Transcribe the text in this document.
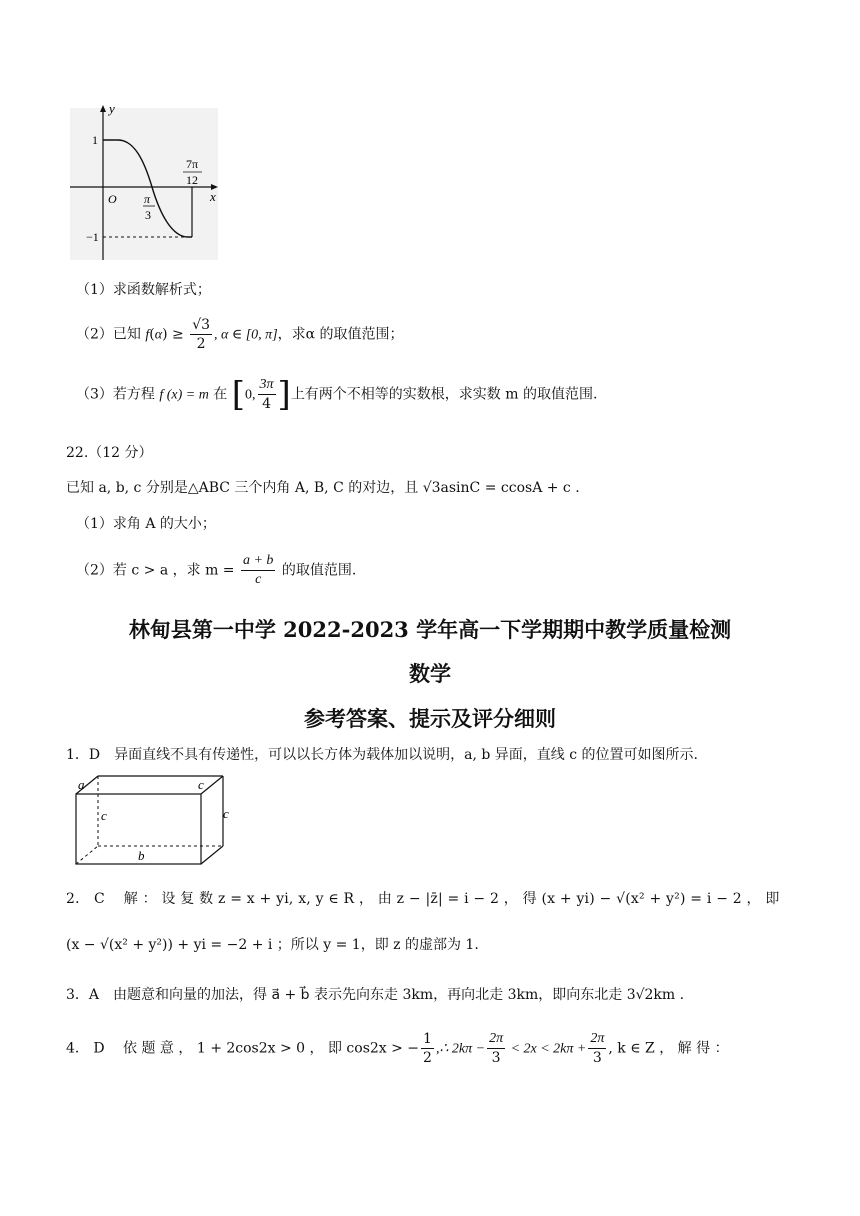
y
x
1
−1
O π
3
7π
12
（1）求函数解析式；
（2）已知 $f(\alpha) \ge \frac{√3}{2}$ , α ∈ [0, π]，求α 的取值范围；
（3）若方程 f (x) = m 在 [0, $\frac{3\pi}{4}$ ]上有两个不相等的实数根，求实数 m 的取值范围.
22.（12 分）
已知 a, b, c 分别是△ABC 三个内角 A, B, C 的对边，且 √3asinC = ccosA + c .
（1）求角 A 的大小；
（2）若 c > a ，求 $m = \frac{a + b}{c}$ 的取值范围.
林甸县第一中学 2022-2023 学年高一下学期期中教学质量检测
数学
参考答案、提示及评分细则
1．D　异面直线不具有传递性，可以以长方体为载体加以说明，a, b 异面，直线 c 的位置可如图所示.
a	c
c	c
b
2． C　 解 ： 设 复 数 z = x + yi, x, y ∈ R ， 由 z − |z̄| = i − 2 ， 得 (x + yi) − √(x² + y²) = i − 2 ， 即
(x − √(x² + y²)) + yi = −2 + i ；所以 y = 1，即 z 的虚部为 1.
3．A　由题意和向量的加法，得 a⃗ + b⃗ 表示先向东走 3km，再向北走 3km，即向东北走 3√2km .
4． D　 依 题 意 ， 1 + 2cos2x > 0 ， 即 cos2x > − $\frac{1}{2}$ ,∴ $2k\pi - \frac{2\pi}{3} < 2x < 2k\pi + \frac{2\pi}{3}$ , k ∈ Z ， 解 得 ：
